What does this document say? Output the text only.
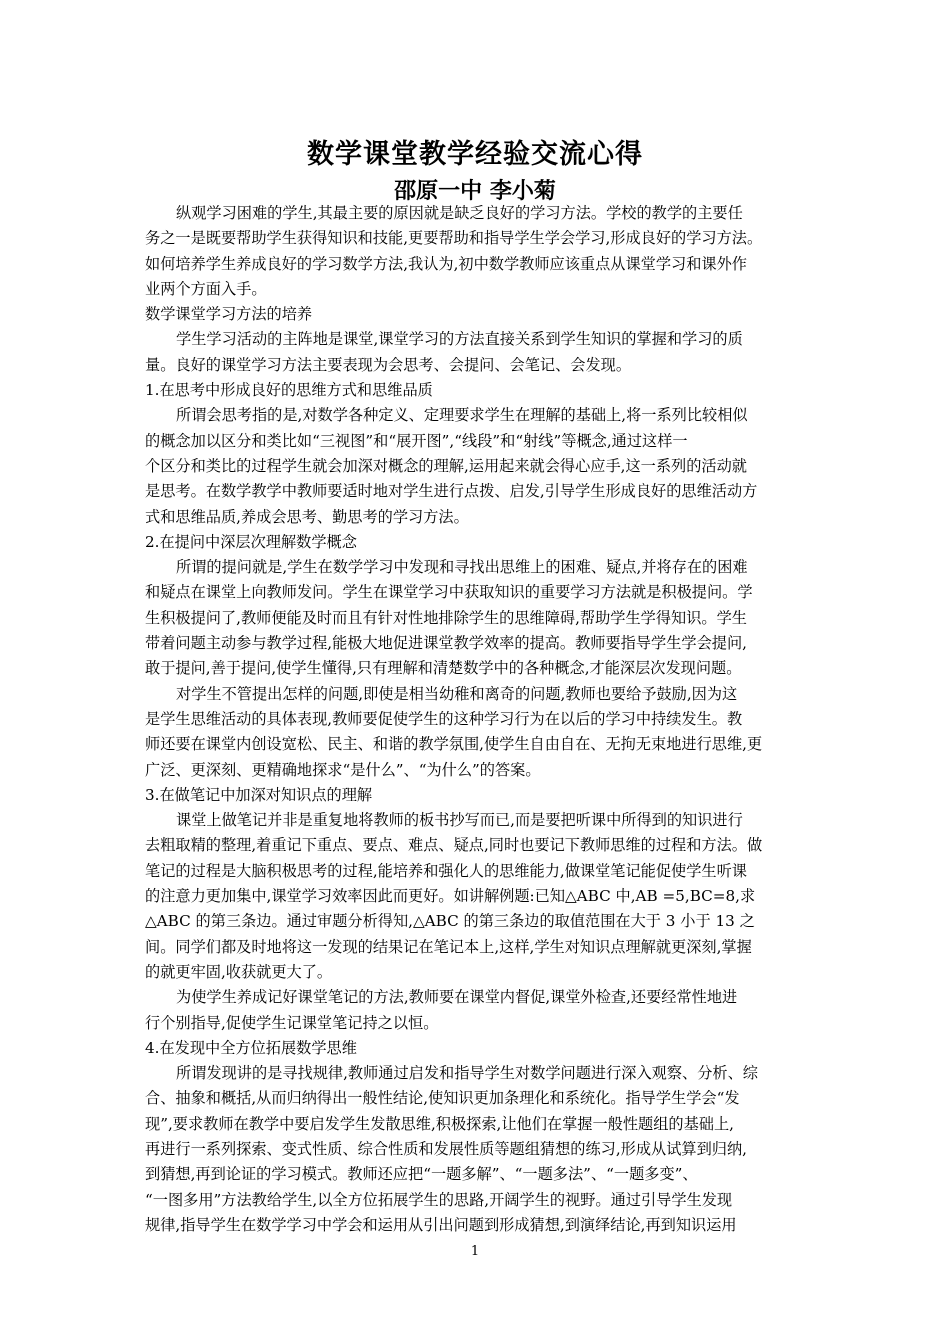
数学课堂教学经验交流心得
邵原一中 李小菊
纵观学习困难的学生,其最主要的原因就是缺乏良好的学习方法。学校的教学的主要任
务之一是既要帮助学生获得知识和技能,更要帮助和指导学生学会学习,形成良好的学习方法。
如何培养学生养成良好的学习数学方法,我认为,初中数学教师应该重点从课堂学习和课外作
业两个方面入手。
数学课堂学习方法的培养
学生学习活动的主阵地是课堂,课堂学习的方法直接关系到学生知识的掌握和学习的质
量。良好的课堂学习方法主要表现为会思考、会提问、会笔记、会发现。
1.在思考中形成良好的思维方式和思维品质
所谓会思考指的是,对数学各种定义、定理要求学生在理解的基础上,将一系列比较相似
的概念加以区分和类比如“三视图”和“展开图”,“线段”和“射线”等概念,通过这样一
个区分和类比的过程学生就会加深对概念的理解,运用起来就会得心应手,这一系列的活动就
是思考。在数学教学中教师要适时地对学生进行点拨、启发,引导学生形成良好的思维活动方
式和思维品质,养成会思考、勤思考的学习方法。
2.在提问中深层次理解数学概念
所谓的提问就是,学生在数学学习中发现和寻找出思维上的困难、疑点,并将存在的困难
和疑点在课堂上向教师发问。学生在课堂学习中获取知识的重要学习方法就是积极提问。学
生积极提问了,教师便能及时而且有针对性地排除学生的思维障碍,帮助学生学得知识。学生
带着问题主动参与教学过程,能极大地促进课堂教学效率的提高。教师要指导学生学会提问,
敢于提问,善于提问,使学生懂得,只有理解和清楚数学中的各种概念,才能深层次发现问题。
对学生不管提出怎样的问题,即使是相当幼稚和离奇的问题,教师也要给予鼓励,因为这
是学生思维活动的具体表现,教师要促使学生的这种学习行为在以后的学习中持续发生。教
师还要在课堂内创设宽松、民主、和谐的教学氛围,使学生自由自在、无拘无束地进行思维,更
广泛、更深刻、更精确地探求“是什么”、“为什么”的答案。
3.在做笔记中加深对知识点的理解
课堂上做笔记并非是重复地将教师的板书抄写而已,而是要把听课中所得到的知识进行
去粗取精的整理,着重记下重点、要点、难点、疑点,同时也要记下教师思维的过程和方法。做
笔记的过程是大脑积极思考的过程,能培养和强化人的思维能力,做课堂笔记能促使学生听课
的注意力更加集中,课堂学习效率因此而更好。如讲解例题:已知△ABC 中,AB =5,BC=8,求
△ABC 的第三条边。通过审题分析得知,△ABC 的第三条边的取值范围在大于 3 小于 13 之
间。同学们都及时地将这一发现的结果记在笔记本上,这样,学生对知识点理解就更深刻,掌握
的就更牢固,收获就更大了。
为使学生养成记好课堂笔记的方法,教师要在课堂内督促,课堂外检查,还要经常性地进
行个别指导,促使学生记课堂笔记持之以恒。
4.在发现中全方位拓展数学思维
所谓发现讲的是寻找规律,教师通过启发和指导学生对数学问题进行深入观察、分析、综
合、抽象和概括,从而归纳得出一般性结论,使知识更加条理化和系统化。指导学生学会“发
现”,要求教师在教学中要启发学生发散思维,积极探索,让他们在掌握一般性题组的基础上,
再进行一系列探索、变式性质、综合性质和发展性质等题组猜想的练习,形成从试算到归纳,
到猜想,再到论证的学习模式。教师还应把“一题多解”、“一题多法”、“一题多变”、
“一图多用”方法教给学生,以全方位拓展学生的思路,开阔学生的视野。通过引导学生发现
规律,指导学生在数学学习中学会和运用从引出问题到形成猜想,到演绎结论,再到知识运用
1
